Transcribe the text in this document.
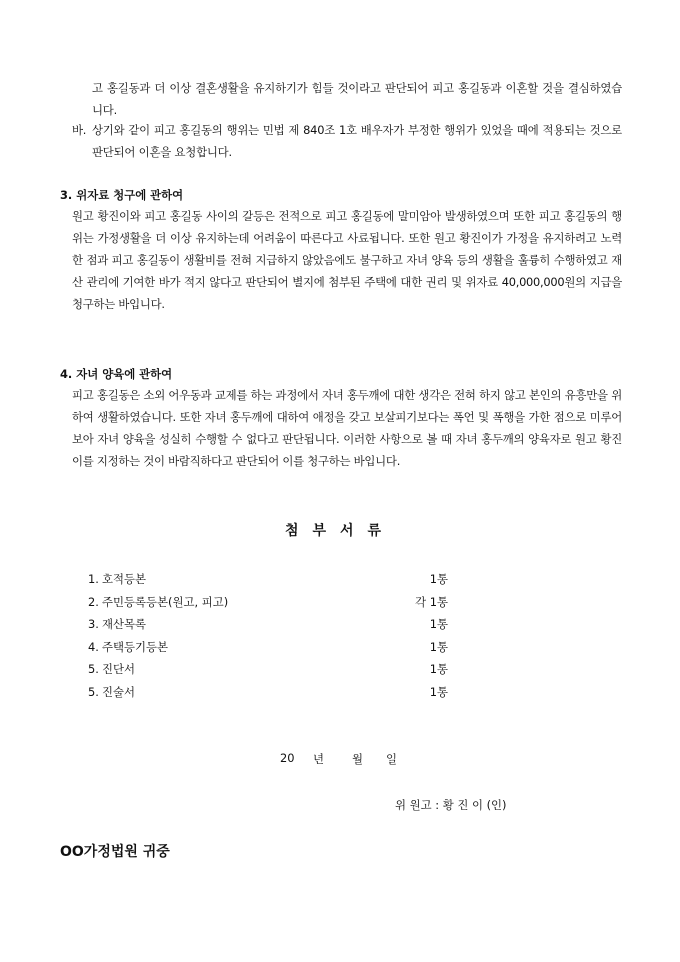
고 홍길동과 더 이상 결혼생활을 유지하기가 힘들 것이라고 판단되어 피고 홍길동과 이혼할 것을 결심하였습니다.
바. 상기와 같이 피고 홍길동의 행위는 민법 제 840조 1호 배우자가 부정한 행위가 있었을 때에 적용되는 것으로 판단되어 이혼을 요청합니다.
3. 위자료 청구에 관하여
원고 황진이와 피고 홍길동 사이의 갈등은 전적으로 피고 홍길동에 말미암아 발생하였으며 또한 피고 홍길동의 행위는 가정생활을 더 이상 유지하는데 어려움이 따른다고 사료됩니다. 또한 원고 황진이가 가정을 유지하려고 노력한 점과 피고 홍길동이 생활비를 전혀 지급하지 않았음에도 불구하고 자녀 양육 등의 생활을 훌륭히 수행하였고 재산 관리에 기여한 바가 적지 않다고 판단되어 별지에 첨부된 주택에 대한 권리 및 위자료 40,000,000원의 지급을 청구하는 바입니다.
4. 자녀 양육에 관하여
피고 홍길동은 소외 어우동과 교제를 하는 과정에서 자녀 홍두깨에 대한 생각은 전혀 하지 않고 본인의 유흥만을 위하여 생활하였습니다. 또한 자녀 홍두깨에 대하여 애정을 갖고 보살피기보다는 폭언 및 폭행을 가한 점으로 미루어 보아 자녀 양육을 성실히 수행할 수 없다고 판단됩니다. 이러한 사항으로 볼 때 자녀 홍두깨의 양육자로 원고 황진이를 지정하는 것이 바람직하다고 판단되어 이를 청구하는 바입니다.
첨부서류
1. 호적등본	1통
2. 주민등록등본(원고, 피고)	각 1통
3. 재산목록	1통
4. 주택등기등본	1통
5. 진단서	1통
5. 진술서	1통
20 년 월 일
위 원고 : 황 진 이 (인)
OO가정법원 귀중
